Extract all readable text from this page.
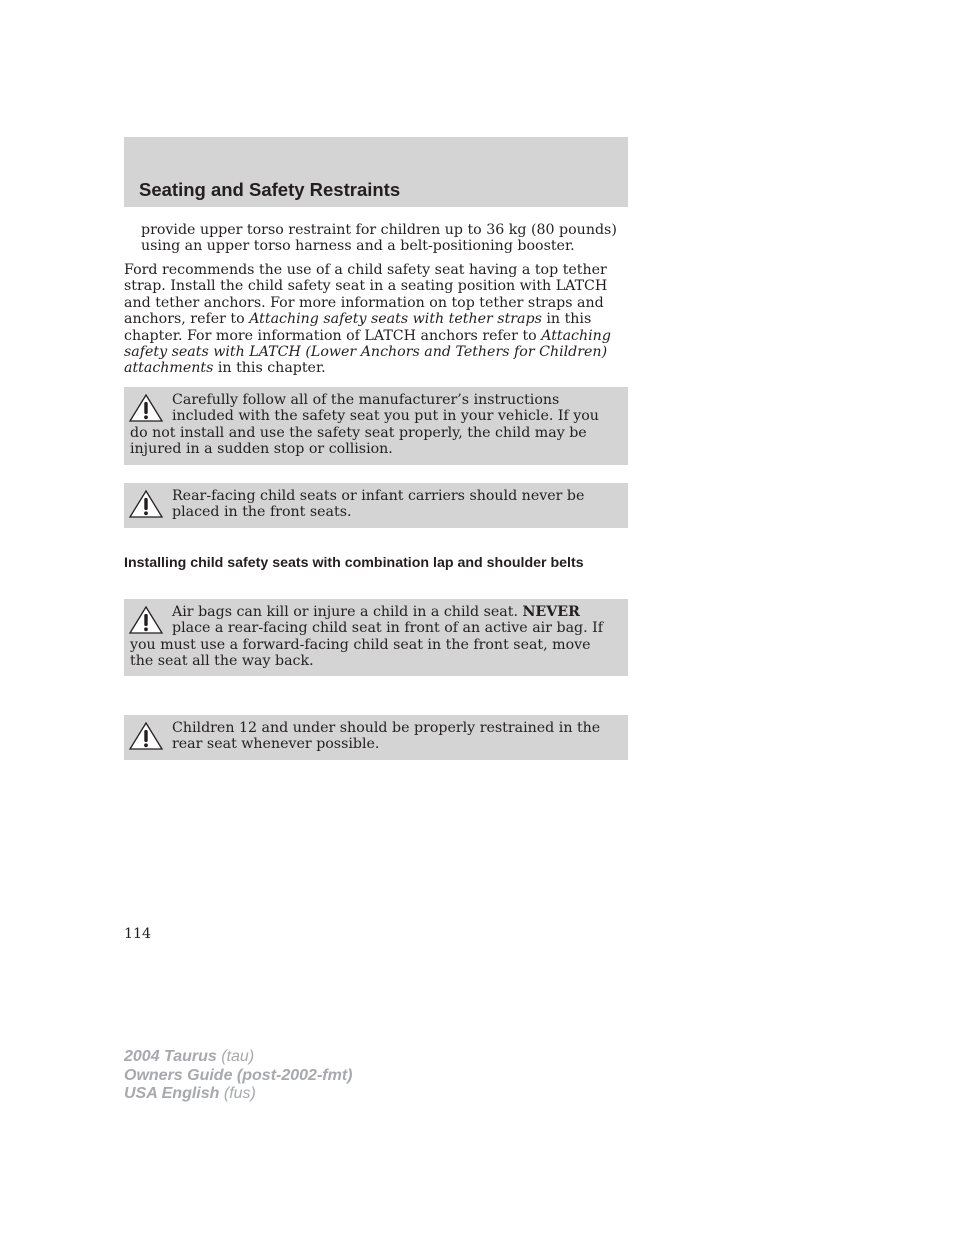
Seating and Safety Restraints

provide upper torso restraint for children up to 36 kg (80 pounds) using an upper torso harness and a belt-positioning booster.

Ford recommends the use of a child safety seat having a top tether strap. Install the child safety seat in a seating position with LATCH and tether anchors. For more information on top tether straps and anchors, refer to Attaching safety seats with tether straps in this chapter. For more information of LATCH anchors refer to Attaching safety seats with LATCH (Lower Anchors and Tethers for Children) attachments in this chapter.

Carefully follow all of the manufacturer’s instructions included with the safety seat you put in your vehicle. If you do not install and use the safety seat properly, the child may be injured in a sudden stop or collision.

Rear-facing child seats or infant carriers should never be placed in the front seats.

Installing child safety seats with combination lap and shoulder belts

Air bags can kill or injure a child in a child seat. NEVER place a rear-facing child seat in front of an active air bag. If you must use a forward-facing child seat in the front seat, move the seat all the way back.

Children 12 and under should be properly restrained in the rear seat whenever possible.

114

2004 Taurus (tau)
Owners Guide (post-2002-fmt)
USA English (fus)
